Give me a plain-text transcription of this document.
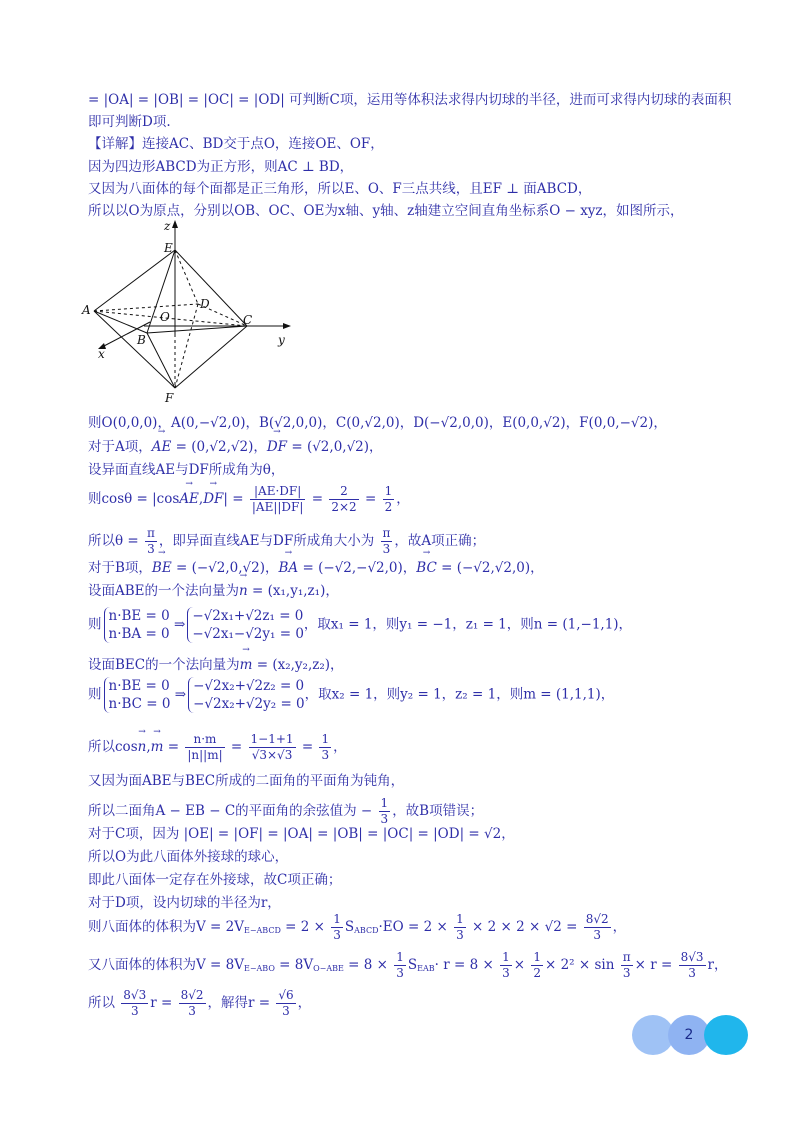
= |OA| = |OB| = |OC| = |OD| 可判断C项，运用等体积法求得内切球的半径，进而可求得内切球的表面积
即可判断D项.
【详解】连接AC、BD交于点O，连接OE、OF，
因为四边形ABCD为正方形，则AC ⊥ BD，
又因为八面体的每个面都是正三角形，所以E、O、F三点共线，且EF ⊥ 面ABCD，
所以以O为原点，分别以OB、OC、OE为x轴、y轴、z轴建立空间直角坐标系O − xyz，如图所示，
z
E
A	D
O	C
y
B
x
F
则O(0,0,0)，A(0,−√2,0)，B(√2,0,0)，C(0,√2,0)，D(−√2,0,0)，E(0,0,√2)，F(0,0,−√2)，
对于A项，→ AE = (0,√2,√2)，→ DF = (√2,0,√2)，
设异面直线AE与DF所成角为θ，
则$\cos\theta = |\cos\to AE,\to DF| = \frac{|AE\cdot DF|}{|AE||DF|} = \frac{2}{2\times 2} = \frac{1}{2}$ ，
所以$\theta = \frac{\pi}{3}$ ，即异面直线AE与DF所成角大小为 $\frac{\pi}{3}$ ，故A项正确；
对于B项，→ BE = (−√2,0,√2)，→ BA = (−√2,−√2,0)，→ BC = (−√2,√2,0)，
设面ABE的一个法向量为→ n = (x₁,y₁,z₁)，
则
n·BE = 0
n·BA = 0
⇒
−√2x₁+√2z₁ = 0
−√2x₁−√2y₁ = 0
，取x₁ = 1，则y₁ = −1，z₁ = 1，则n = (1,−1,1)，
设面BEC的一个法向量为→ m = (x₂,y₂,z₂)，
则
n·BE = 0
n·BC = 0
⇒
−√2x₂+√2z₂ = 0
−√2x₂+√2y₂ = 0
，取x₂ = 1，则y₂ = 1，z₂ = 1，则m = (1,1,1)，
所以$\cos\to n,\to m = \frac{n\cdot m}{|n||m|} = \frac{1-1+1}{√3\times√3} = \frac{1}{3}$ ，
又因为面ABE与BEC所成的二面角的平面角为钝角，
所以二面角A − EB − C的平面角的余弦值为 − $\frac{1}{3}$ ，故B项错误；
对于C项，因为 |OE| = |OF| = |OA| = |OB| = |OC| = |OD| = √2，
所以O为此八面体外接球的球心，
即此八面体一定存在外接球，故C项正确；
对于D项，设内切球的半径为r，
则八面体的体积为$V = 2V_{E-ABCD} = 2 \times \frac{1}{3} S_{ABCD}\cdot EO = 2 \times \frac{1}{3} \times 2 \times 2 \times √2 = \frac{8√2}{3}$ ，
又八面体的体积为$V = 8V_{E-ABO} = 8V_{O-ABE} = 8 \times \frac{1}{3} S_{EAB}\cdot r = 8 \times \frac{1}{3} \times \frac{1}{2} \times 2^2 \times \sin \frac{\pi}{3} \times r = \frac{8√3}{3}$ r，
所以 $\frac{8√3}{3}$ $r = \frac{8√2}{3}$ ，解得$r = \frac{√6}{3}$ ，
2
